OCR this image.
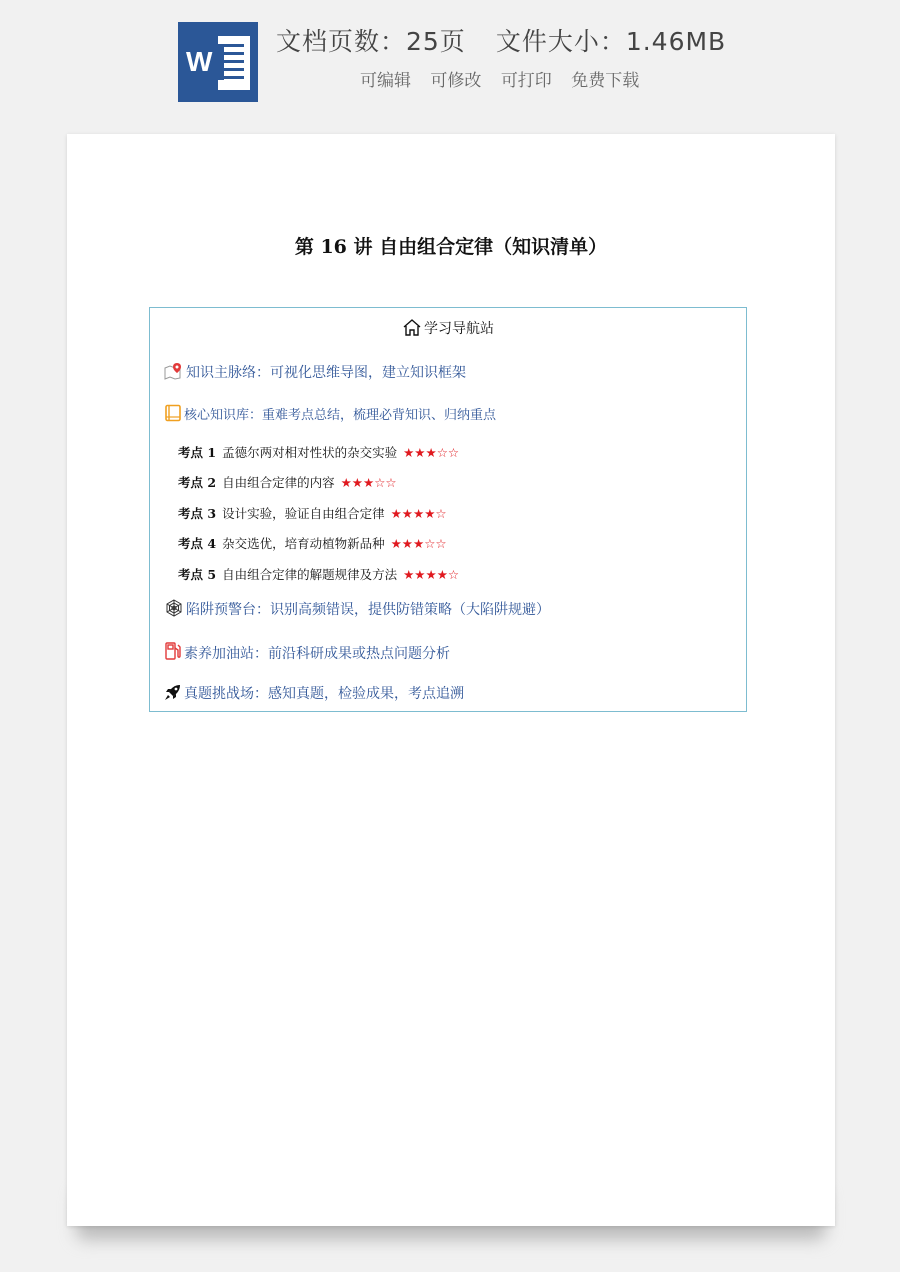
W
文档页数：25页 文件大小：1.46MB
可编辑 可修改 可打印 免费下载
第 16 讲 自由组合定律（知识清单）
学习导航站
知识主脉络：可视化思维导图，建立知识框架
核心知识库：重难考点总结，梳理必背知识、归纳重点
考点 1 孟德尔两对相对性状的杂交实验 ★★★☆☆
考点 2 自由组合定律的内容 ★★★☆☆
考点 3 设计实验，验证自由组合定律 ★★★★☆
考点 4 杂交选优，培育动植物新品种 ★★★☆☆
考点 5 自由组合定律的解题规律及方法 ★★★★☆
陷阱预警台：识别高频错误，提供防错策略（大陷阱规避）
素养加油站：前沿科研成果或热点问题分析
真题挑战场：感知真题，检验成果，考点追溯
